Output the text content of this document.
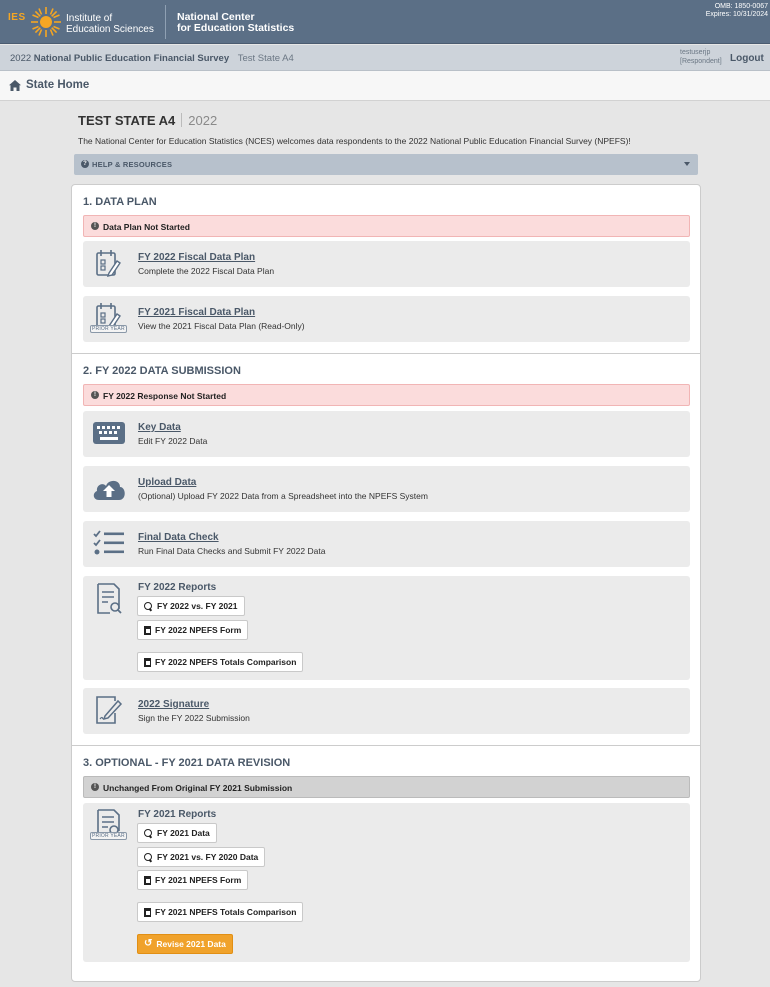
IES	Institute of
Education Sciences
National Center
for Education Statistics
OMB: 1850-0067
Expires: 10/31/2024
2022 National Public Education Financial Survey Test State A4
testuserjp
[Respondent] Logout
State Home
TEST STATE A4 2022
The National Center for Education Statistics (NCES) welcomes data respondents to the 2022 National Public Education Financial Survey (NPEFS)!
? HELP & RESOURCES
1. DATA PLAN
! Data Plan Not Started
FY 2022 Fiscal Data Plan
Complete the 2022 Fiscal Data Plan
PRIOR YEAR
FY 2021 Fiscal Data Plan
View the 2021 Fiscal Data Plan (Read-Only)
2. FY 2022 DATA SUBMISSION
! FY 2022 Response Not Started
Key Data
Edit FY 2022 Data
Upload Data
(Optional) Upload FY 2022 Data from a Spreadsheet into the NPEFS System
Final Data Check
Run Final Data Checks and Submit FY 2022 Data
FY 2022 Reports
FY 2022 vs. FY 2021
FY 2022 NPEFS Form
FY 2022 NPEFS Totals Comparison
2022 Signature
Sign the FY 2022 Submission
3. OPTIONAL - FY 2021 DATA REVISION
! Unchanged From Original FY 2021 Submission
PRIOR YEAR
FY 2021 Reports
FY 2021 Data
FY 2021 vs. FY 2020 Data
FY 2021 NPEFS Form
FY 2021 NPEFS Totals Comparison
↺ Revise 2021 Data
